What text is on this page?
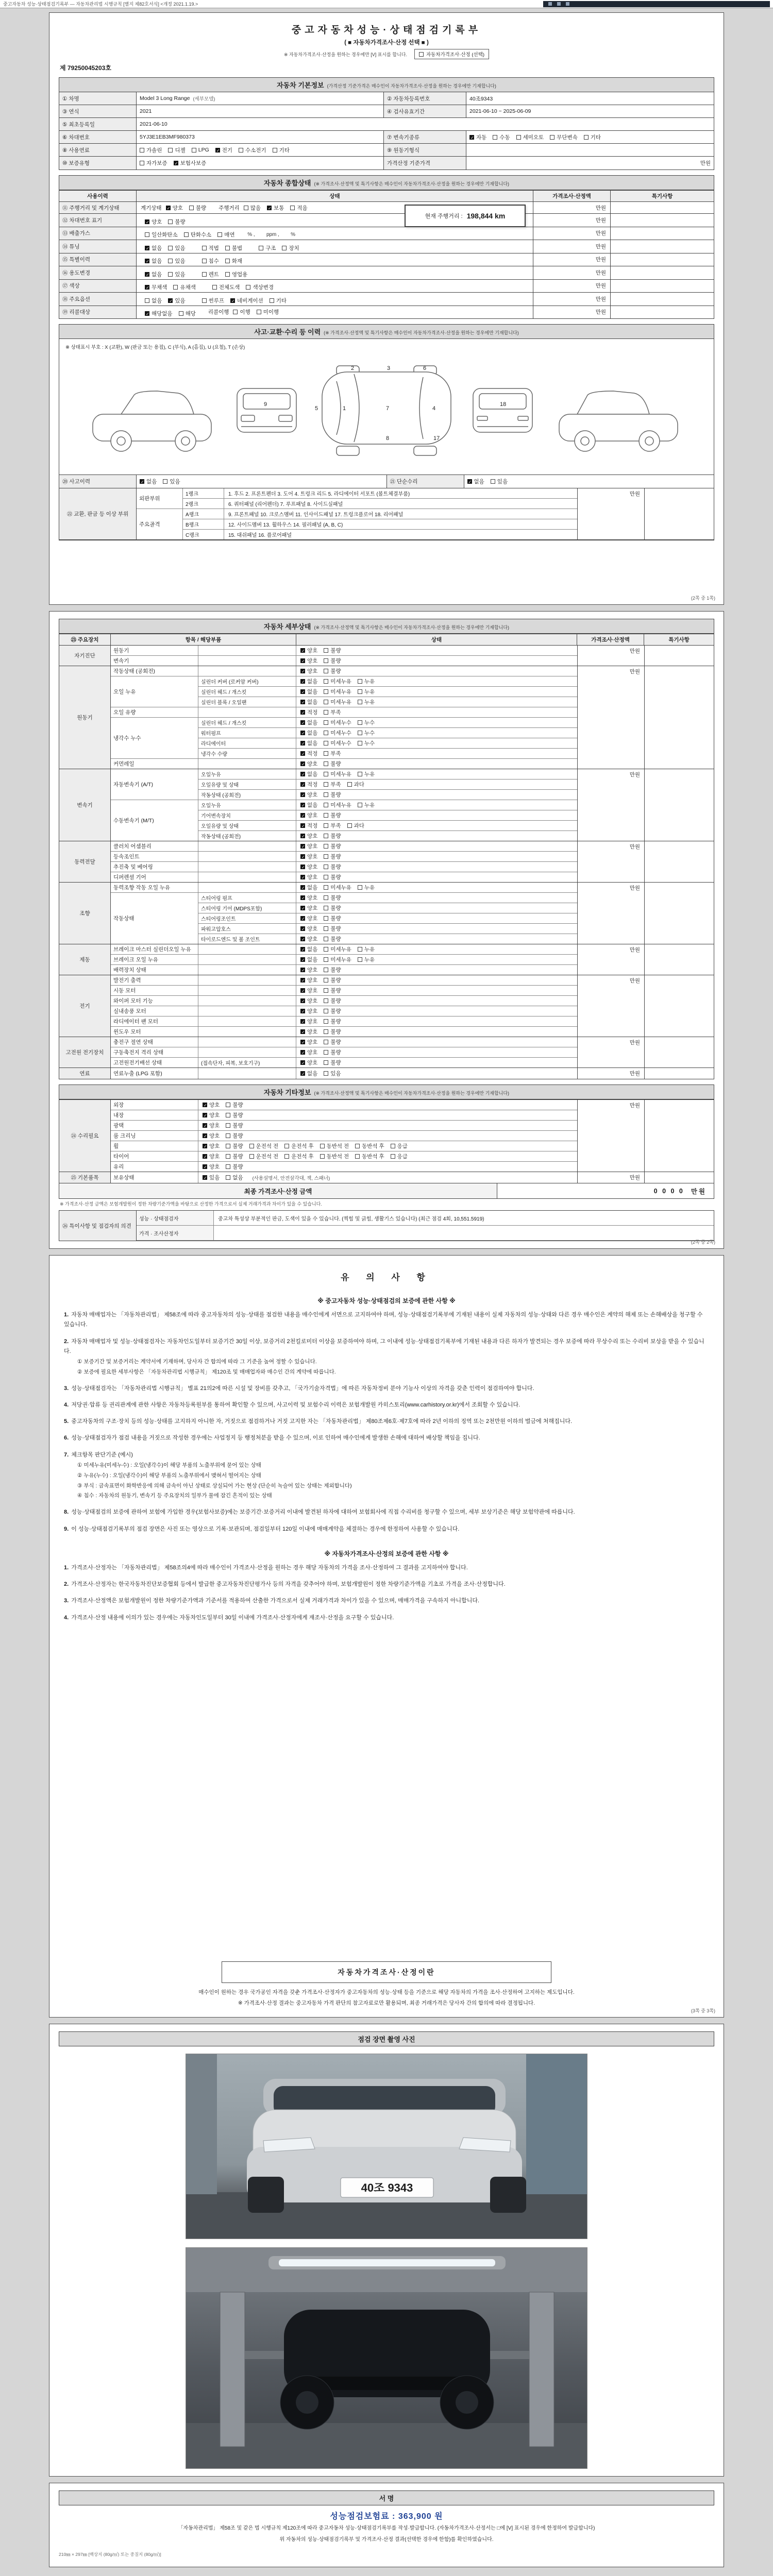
중고자동차 성능·상태점검기록부 — 자동차관리법 시행규칙 [별지 제82호서식] <개정 2021.1.19.>
중고자동차성능·상태점검기록부
( ■ 자동차가격조사·산정 선택 ■ )
※ 자동차가격조사·산정을 원하는 경우에만 [V] 표시를 합니다.	자동차가격조사·산정 (선택)
제 79250045203호
자동차 기본정보 (가격산정 기준가격은 매수인이 자동차가격조사·산정을 원하는 경우에만 기재합니다)
① 차명	Model 3 Long Range (세부모델)	② 자동차등록번호	40조9343
③ 연식	2021	④ 검사유효기간	2021-06-10 ~ 2025-06-09
⑤ 최초등록일	2021-06-10
⑥ 차대번호	5YJ3E1EB3MF980373	⑦ 변속기종류 ✓	자동 수동 세미오토 무단변속 기타
⑧ 사용연료	가솔린 디젤 LPG ✓ 전기 수소전기 기타	⑨ 원동기형식
⑩ 보증유형	자가보증 ✓ 보험사보증	가격산정 기준가격	만원
자동차 종합상태 (※ 가격조사·산정액 및 특기사항은 매수인이 자동차가격조사·산정을 원하는 경우에만 기재합니다)
사용이력	상태	가격조사·산정액	특기사항
⑪ 주행거리 및 계기상태	계기상태 ✓ 양호 불량 주행거리 많음 ✓ 보통 적음	만원
⑫ 차대번호 표기 ✓	양호 불량	만원
⑬ 배출가스	일산화탄소 탄화수소 매연 % ,        ppm ,        %	만원
⑭ 튜닝 ✓	없음 있음	적법 불법	구조 장치	만원
⑮ 특별이력 ✓	없음 있음	침수 화재	만원
⑯ 용도변경 ✓	없음 있음	렌트 영업용	만원
⑰ 색상 ✓	무채색 유채색	전체도색 색상변경	만원
⑱ 주요옵션	없음 ✓ 있음	썬루프 ✓ 네비게이션 기타	만원
⑲ 리콜대상 ✓	해당없음 해당 리콜이행 이행 미이행	만원
현재 주행거리 : 198,844 km
사고·교환·수리 등 이력 (※ 가격조사·산정액 및 특기사항은 매수인이 자동차가격조사·산정을 원하는 경우에만 기재합니다)
※ 상태표시 부호 : X (교환), W (판금 또는 용접), C (부식), A (흠집), U (요철), T (손상)
9
1
2	3
4
5
6
7
8	17
18
⑳ 사고이력 ✓	없음 있음	㉑ 단순수리 ✓	없음 있음
㉒ 교환, 판금 등 이상 부위
외판부위
1랭크	1. 후드 2. 프론트펜더 3. 도어 4. 트렁크 리드 5. 라디에이터 서포트 (볼트체결부품)
2랭크	6. 쿼터패널 (리어펜더) 7. 루프패널 8. 사이드실패널
주요골격
A랭크	9. 프론트패널 10. 크로스멤버 11. 인사이드패널 17. 트렁크플로어 18. 리어패널
B랭크	12. 사이드멤버 13. 휠하우스 14. 필러패널 (A, B, C)
C랭크	15. 대쉬패널 16. 플로어패널
만원
(2쪽 중 1쪽)
자동차 세부상태 (※ 가격조사·산정액 및 특기사항은 매수인이 자동차가격조사·산정을 원하는 경우에만 기재합니다)
㉓ 주요장치	항목 / 해당부품	상태	가격조사·산정액	특기사항
자기진단
원동기 ✓	양호 불량
변속기 ✓	양호 불량
만원
원동기
작동상태 (공회전) ✓	양호 불량
오일 누유
실린더 커버 (로커암 커버) ✓	없음 미세누유 누유
실린더 헤드 / 개스킷 ✓	없음 미세누유 누유
실린더 블록 / 오일팬 ✓	없음 미세누유 누유
오일 유량 ✓	적정 부족
냉각수 누수
실린더 헤드 / 개스킷 ✓	없음 미세누수 누수
워터펌프 ✓	없음 미세누수 누수
라디에이터 ✓	없음 미세누수 누수
냉각수 수량 ✓	적정 부족
커먼레일 ✓	양호 불량
만원
변속기
자동변속기 (A/T)
오일누유 ✓	없음 미세누유 누유
오일유량 및 상태 ✓	적정 부족 과다
작동상태 (공회전) ✓	양호 불량
수동변속기 (M/T)
오일누유 ✓	없음 미세누유 누유
기어변속장치 ✓	양호 불량
오일유량 및 상태 ✓	적정 부족 과다
작동상태 (공회전) ✓	양호 불량
만원
동력전달
클러치 어셈블리 ✓	양호 불량
등속조인트 ✓	양호 불량
추진축 및 베어링 ✓	양호 불량
디퍼렌셜 기어 ✓	양호 불량
만원
조향
동력조향 작동 오일 누유 ✓	없음 미세누유 누유
작동상태
스티어링 펌프 ✓	양호 불량
스티어링 기어 (MDPS포함) ✓	양호 불량
스티어링조인트 ✓	양호 불량
파워고압호스 ✓	양호 불량
타이로드엔드 및 볼 조인트 ✓	양호 불량
만원
제동
브레이크 마스터 실린더오일 누유 ✓	없음 미세누유 누유
브레이크 오일 누유 ✓	없음 미세누유 누유
배력장치 상태 ✓	양호 불량
만원
전기
발전기 출력 ✓	양호 불량
시동 모터 ✓	양호 불량
와이퍼 모터 기능 ✓	양호 불량
실내송풍 모터 ✓	양호 불량
라디에이터 팬 모터 ✓	양호 불량
윈도우 모터 ✓	양호 불량
만원
고전원 전기장치
충전구 절연 상태 ✓	양호 불량
구동축전지 격리 상태 ✓	양호 불량
고전원전기배선 상태	(접속단자, 피복, 보호기구) ✓	양호 불량
만원
연료	연료누출 (LPG 포함) ✓	없음 있음	만원
자동차 기타정보 (※ 가격조사·산정액 및 특기사항은 매수인이 자동차가격조사·산정을 원하는 경우에만 기재합니다)
㉔ 수리필요
외장 ✓	양호 불량
내장 ✓	양호 불량
광택 ✓	양호 불량
룸 크리닝 ✓	양호 불량
휠 ✓	양호 불량 운전석 전 운전석 후 동반석 전 동반석 후 응급
타이어 ✓	양호 불량 운전석 전 운전석 후 동반석 전 동반석 후 응급
유리 ✓	양호 불량
만원
㉕ 기본품목	보유상태 ✓	있음 없음 (사용설명서, 안전삼각대, 잭, 스패너)	만원
최종 가격조사·산정 금액	0 0 0 0
만원
※ 가격조사·산정 금액은 보험개발원이 정한 차량기준가액을 바탕으로 산정한 가격으로서 실제 거래가격과 차이가 있을 수 있습니다.
㉖ 특이사항 및 점검자의 의견
성능 · 상태점검자	중고차 특성상 부분적인 판금, 도색이 있을 수 있습니다. (찍힘 및 긁힘, 생활기스 있습니다) (최근 점검 4회, 10,551.5919)
가격 · 조사산정자
(2쪽 중 2쪽)
유 의 사 항
※ 중고자동차 성능·상태점검의 보증에 관한 사항 ※
1. 자동차 매매업자는 「자동차관리법」 제58조에 따라 중고자동차의 성능·상태를 점검한 내용을 매수인에게 서면으로 고지하여야 하며, 성능·상태점검기록부에 기재된 내용이 실제 자동차의 성능·상태와 다른 경우 매수인은 계약의 해제 또는 손해배상을 청구할 수 있습니다.
2. 자동차 매매업자 및 성능·상태점검자는 자동차인도일부터 보증기간 30일 이상, 보증거리 2천킬로미터 이상을 보증하여야 하며, 그 이내에 성능·상태점검기록부에 기재된 내용과 다른 하자가 발견되는 경우 보증에 따라 무상수리 또는 수리비 보상을 받을 수 있습니다.
① 보증기간 및 보증거리는 계약서에 기재하며, 당사자 간 합의에 따라 그 기준을 높여 정할 수 있습니다.
② 보증에 필요한 세부사항은 「자동차관리법 시행규칙」 제120조 및 매매업자와 매수인 간의 계약에 따릅니다.
3. 성능·상태점검자는 「자동차관리법 시행규칙」 별표 21의2에 따른 시설 및 장비를 갖추고, 「국가기술자격법」에 따른 자동차정비 분야 기능사 이상의 자격을 갖춘 인력이 점검하여야 합니다.
4. 저당권·압류 등 권리관계에 관한 사항은 자동차등록원부를 통하여 확인할 수 있으며, 사고이력 및 보험수리 이력은 보험개발원 카히스토리(www.carhistory.or.kr)에서 조회할 수 있습니다.
5. 중고자동차의 구조·장치 등의 성능·상태를 고지하지 아니한 자, 거짓으로 점검하거나 거짓 고지한 자는 「자동차관리법」 제80조제6호·제7호에 따라 2년 이하의 징역 또는 2천만원 이하의 벌금에 처해집니다.
6. 성능·상태점검자가 점검 내용을 거짓으로 작성한 경우에는 사업정지 등 행정처분을 받을 수 있으며, 이로 인하여 매수인에게 발생한 손해에 대하여 배상할 책임을 집니다.
7. 체크항목 판단기준 (예시)
① 미세누유(미세누수) : 오일(냉각수)이 해당 부품의 노출부위에 묻어 있는 상태
② 누유(누수) : 오일(냉각수)이 해당 부품의 노출부위에서 맺혀서 떨어지는 상태
③ 부식 : 금속표면이 화학반응에 의해 금속이 아닌 상태로 상실되어 가는 현상 (단순히 녹슬어 있는 상태는 제외합니다)
④ 침수 : 자동차의 원동기, 변속기 등 주요장치의 일부가 물에 잠긴 흔적이 있는 상태
8. 성능·상태점검의 보증에 관하여 보험에 가입한 경우(보험사보증)에는 보증기간·보증거리 이내에 발견된 하자에 대하여 보험회사에 직접 수리비를 청구할 수 있으며, 세부 보상기준은 해당 보험약관에 따릅니다.
9. 이 성능·상태점검기록부의 점검 장면은 사진 또는 영상으로 기록·보관되며, 점검일부터 120일 이내에 매매계약을 체결하는 경우에 한정하여 사용할 수 있습니다.
※ 자동차가격조사·산정의 보증에 관한 사항 ※
1. 가격조사·산정자는 「자동차관리법」 제58조의4에 따라 매수인이 가격조사·산정을 원하는 경우 해당 자동차의 가격을 조사·산정하여 그 결과를 고지하여야 합니다.
2. 가격조사·산정자는 한국자동차진단보증협회 등에서 발급한 중고자동차진단평가사 등의 자격을 갖추어야 하며, 보험개발원이 정한 차량기준가액을 기초로 가격을 조사·산정합니다.
3. 가격조사·산정액은 보험개발원이 정한 차량기준가액과 기준서를 적용하여 산출한 가격으로서 실제 거래가격과 차이가 있을 수 있으며, 매매가격을 구속하지 아니합니다.
4. 가격조사·산정 내용에 이의가 있는 경우에는 자동차인도일부터 30일 이내에 가격조사·산정자에게 재조사·산정을 요구할 수 있습니다.
자동차가격조사·산정이란
매수인이 원하는 경우 국가공인 자격을 갖춘 가격조사·산정자가 중고자동차의 성능·상태 등을 기준으로 해당 자동차의 가격을 조사·산정하여 고지하는 제도입니다.
※ 가격조사·산정 결과는 중고자동차 가격 판단의 참고자료로만 활용되며, 최종 거래가격은 당사자 간의 합의에 따라 결정됩니다.
(3쪽 중 3쪽)
점검 장면 촬영 사진
40조 9343
서 명
성능점검보험료 : 363,900 원
「자동차관리법」 제58조 및 같은 법 시행규칙 제120조에 따라 중고자동차 성능·상태점검기록부를 작성·발급합니다. (자동차가격조사·산정서는 □에 [V] 표시된 경우에 한정하여 발급합니다)
위 자동차의 성능·상태점검기록부 및 가격조사·산정 결과(선택한 경우에 한함)를 확인하였습니다.
210㎜ × 297㎜ [백상지 (80g/㎡) 또는 중질지 (80g/㎡)]
